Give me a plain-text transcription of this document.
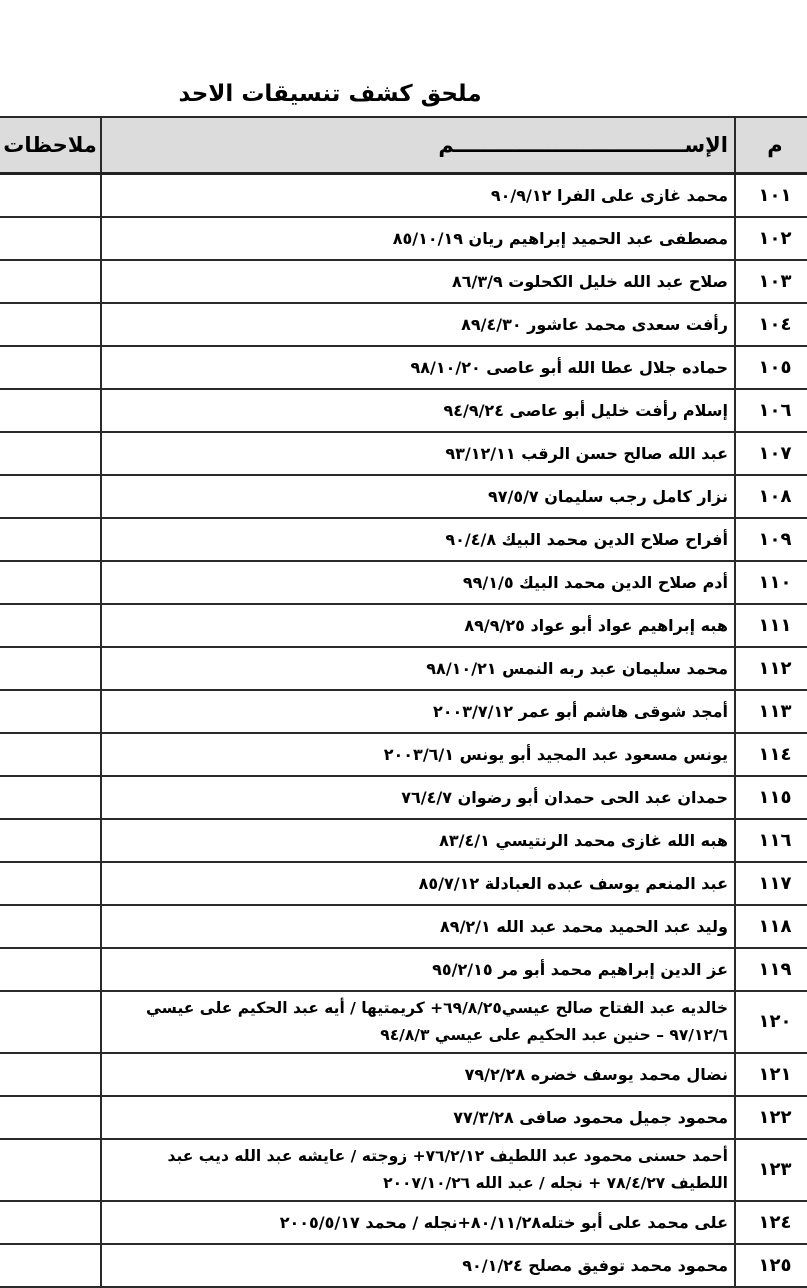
ملحق كشف تنسيقات الاحد
م	الإســــــــــــــــــــــــــــــــم	ملاحظات
١٠١	محمد غازى على الفرا ٩٠/٩/١٢	
١٠٢	مصطفى عبد الحميد إبراهيم ريان ٨٥/١٠/١٩	
١٠٣	صلاح عبد الله خليل الكحلوت ٨٦/٣/٩	
١٠٤	رأفت سعدى محمد عاشور ٨٩/٤/٣٠	
١٠٥	حماده جلال عطا الله أبو عاصى ٩٨/١٠/٢٠	
١٠٦	إسلام رأفت خليل أبو عاصى ٩٤/٩/٢٤	
١٠٧	عبد الله صالح حسن الرقب ٩٣/١٢/١١	
١٠٨	نزار كامل رجب سليمان ٩٧/٥/٧	
١٠٩	أفراح صلاح الدين محمد البيك ٩٠/٤/٨	
١١٠	أدم صلاح الدين محمد البيك ٩٩/١/٥	
١١١	هبه إبراهيم عواد أبو عواد ٨٩/٩/٢٥	
١١٢	محمد سليمان عبد ربه النمس ٩٨/١٠/٢١	
١١٣	أمجد شوقى هاشم أبو عمر ٢٠٠٣/٧/١٢	
١١٤	يونس مسعود عبد المجيد أبو يونس ٢٠٠٣/٦/١	
١١٥	حمدان عبد الحى حمدان أبو رضوان ٧٦/٤/٧	
١١٦	هبه الله غازى محمد الرنتيسي ٨٣/٤/١	
١١٧	عبد المنعم يوسف عبده العبادلة ٨٥/٧/١٢	
١١٨	وليد عبد الحميد محمد عبد الله ٨٩/٢/١	
١١٩	عز الدين إبراهيم محمد أبو مر ٩٥/٢/١٥	
١٢٠	خالديه عبد الفتاح صالح عيسي٦٩/٨/٢٥+ كريمتيها / أيه عبد الحكيم على عيسي ٩٧/١٢/٦ – حنين عبد الحكيم على عيسي ٩٤/٨/٣	
١٢١	نضال محمد يوسف خضره ٧٩/٢/٢٨	
١٢٢	محمود جميل محمود صافى ٧٧/٣/٢٨	
١٢٣	أحمد حسنى محمود عبد اللطيف ٧٦/٢/١٢+ زوجته / عايشه عبد الله ديب عبد اللطيف ٧٨/٤/٢٧ + نجله / عبد الله ٢٠٠٧/١٠/٢٦	
١٢٤	على محمد على أبو ختله٨٠/١١/٢٨+نجله / محمد ٢٠٠٥/٥/١٧	
١٢٥	محمود محمد توفيق مصلح ٩٠/١/٢٤	
